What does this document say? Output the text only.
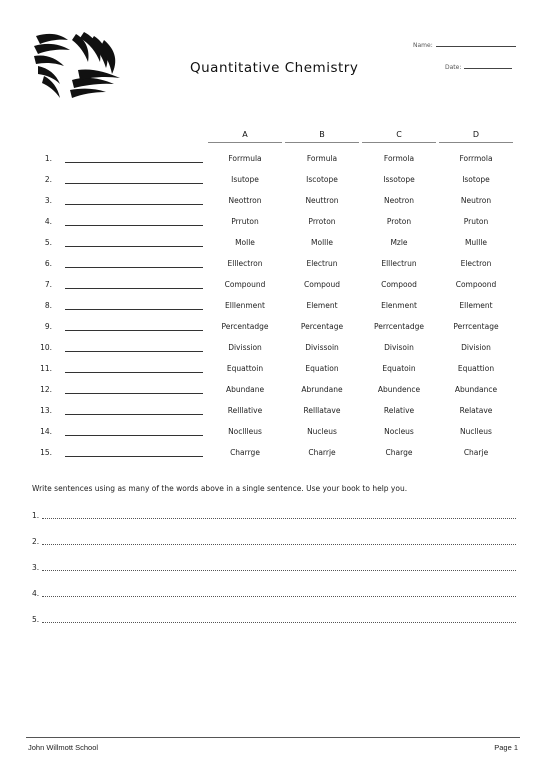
Quantitative Chemistry
Name:
Date:
A	B	C	D
1.	Forrmula	Formula	Formola	Forrmola
2.	Isutope	Iscotope	Issotope	Isotope
3.	Neottron	Neuttron	Neotron	Neutron
4.	Prruton	Prroton	Proton	Pruton
5.	Molle	Mollle	Mzle	Mullle
6.	Elllectron	Electrun	Elllectrun	Electron
7.	Compound	Compoud	Compood	Compoond
8.	Elllenment	Element	Elenment	Ellement
9.	Percentadge	Percentage	Perrcentadge	Perrcentage
10.	Divission	Divissoin	Divisoin	Division
11.	Equattoin	Equation	Equatoin	Equattion
12.	Abundane	Abrundane	Abundence	Abundance
13.	Relllative	Relllatave	Relative	Relatave
14.	Nocllleus	Nucleus	Nocleus	Nuclleus
15.	Charrge	Charrje	Charge	Charje
Write sentences using as many of the words above in a single sentence. Use your book to help you.
1.
2.
3.
4.
5.
John Willmott School	Page 1
